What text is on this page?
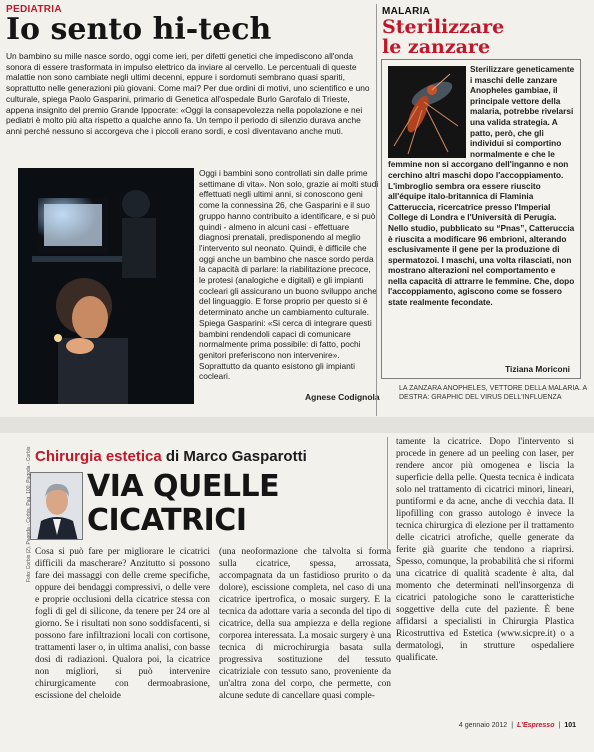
PEDIATRIA
Io sento hi-tech

Un bambino su mille nasce sordo, oggi come ieri, per difetti genetici che impediscono all'onda sonora di essere trasformata in impulso elettrico da inviare al cervello. Le percentuali di queste malattie non sono cambiate negli ultimi decenni, eppure i sordomuti sembrano quasi spariti, soprattutto nelle generazioni più giovani. Come mai? Per due ordini di motivi, uno scientifico e uno culturale, spiega Paolo Gasparini, primario di Genetica all'ospedale Burlo Garofalo di Trieste, appena insignito del premio Grande Ippocrate: «Oggi la consapevolezza nella popolazione e nei pediatri è molto più alta rispetto a qualche anno fa. Un tempo il periodo di silenzio durava anche anni perché nessuno si accorgeva che i piccoli erano sordi, e così diventavano anche muti.

Oggi i bambini sono controllati sin dalle prime settimane di vita». Non solo, grazie ai molti studi effettuati negli ultimi anni, si conoscono geni come la connessina 26, che Gasparini e il suo gruppo hanno contribuito a identificare, e si può quindi - almeno in alcuni casi - effettuare diagnosi prenatali, predisponendo al meglio l'intervento sul neonato. Quindi, è difficile che oggi anche un bambino che nasce sordo perda la capacità di parlare: la riabilitazione precoce, le protesi (analogiche e digitali) e gli impianti cocleari gli assicurano un buono sviluppo anche del linguaggio. E forse proprio per questo si è determinato anche un cambiamento culturale. Spiega Gasparini: «Si cerca di integrare questi bambini rendendoli capaci di comunicare normalmente prima possibile: di fatto, pochi genitori preferiscono non intervenire». Soprattutto da quanto esistono gli impianti cocleari.

Agnese Codignola
MALARIA
Sterilizzare
le zanzare
Sterilizzare geneticamente i maschi delle zanzare Anopheles gambiae, il principale vettore della malaria, potrebbe rivelarsi una valida strategia. A patto, però, che gli individui si comportino normalmente e che le femmine non si accorgano dell'inganno e non cerchino altri maschi dopo l'accoppiamento. L'imbroglio sembra ora essere riuscito all'équipe italo-britannica di Flaminia Catteruccia, ricercatrice presso l'Imperial College di Londra e l'Università di Perugia. Nello studio, pubblicato su “Pnas”, Catteruccia è riuscita a modificare 96 embrioni, alterando esclusivamente il gene per la produzione di spermatozoi. I maschi, una volta rilasciati, non mostrano alterazioni nel comportamento e nella capacità di attrarre le femmine. Che, dopo l'accoppiamento, agiscono come se fossero state realmente fecondate.
Tiziana Moriconi
LA ZANZARA ANOPHELES, VETTORE DELLA MALARIA. A DESTRA: GRAPHIC DEL VIRUS DELL'INFLUENZA
Chirurgia estetica di Marco Gasparotti
VIA QUELLE
CICATRICI
Cosa si può fare per migliorare le cicatrici difficili da mascherare? Anzitutto si possono fare dei massaggi con delle creme specifiche, oppure dei bendaggi compressivi, o delle vere e proprie occlusioni della cicatrice stessa con fogli di gel di silicone, da tenere per 24 ore al giorno. Se i risultati non sono soddisfacenti, si possono fare infiltrazioni locali con cortisone, trattamenti laser o, in ultima analisi, con basse dosi di radiazioni. Qualora poi, la cicatrice non migliori, si può intervenire chirurgicamente con dermoabrasione, escissione del cheloide
(una neoformazione che talvolta si forma sulla cicatrice, spessa, arrossata, accompagnata da un fastidioso prurito o da dolore), escissione completa, nel caso di una cicatrice ipertrofica, o mosaic surgery. E la tecnica da adottare varia a seconda del tipo di cicatrice, della sua ampiezza e della regione corporea interessata. La mosaic surgery è una tecnica di microchirurgia basata sulla progressiva sostituzione del tessuto cicatriziale con tessuto sano, proveniente da un'altra zona del corpo, che permette, con alcune sedute di cancellare quasi comple-
tamente la cicatrice. Dopo l'intervento si procede in genere ad un peeling con laser, per rendere ancor più omogenea e liscia la superficie della pelle. Questa tecnica è indicata solo nel trattamento di cicatrici minori, lineari, puntiformi e da acne, anche di vecchia data. Il lipofilling con grasso autologo è invece la tecnica chirurgica di elezione per il trattamento delle cicatrici atrofiche, quelle generate da ferite già guarite che tendono a riaprirsi. Spesso, comunque, la probabilità che si riformi una cicatrice di qualità scadente è alta, dal momento che determinati nell'insorgenza di cicatrici patologiche sono le caratteristiche soggettive della cute del paziente. È bene affidarsi a specialisti in Chirurgia Plastica Ricostruttiva ed Estetica (www.sicpre.it) o a dermatologi, in strutture ospedaliere qualificate.
Foto: Corbis (2), Pagoda - Corbis, Pag. 100: Pagoda - Corbis
4 gennaio 2012 | L'Espresso | 101
